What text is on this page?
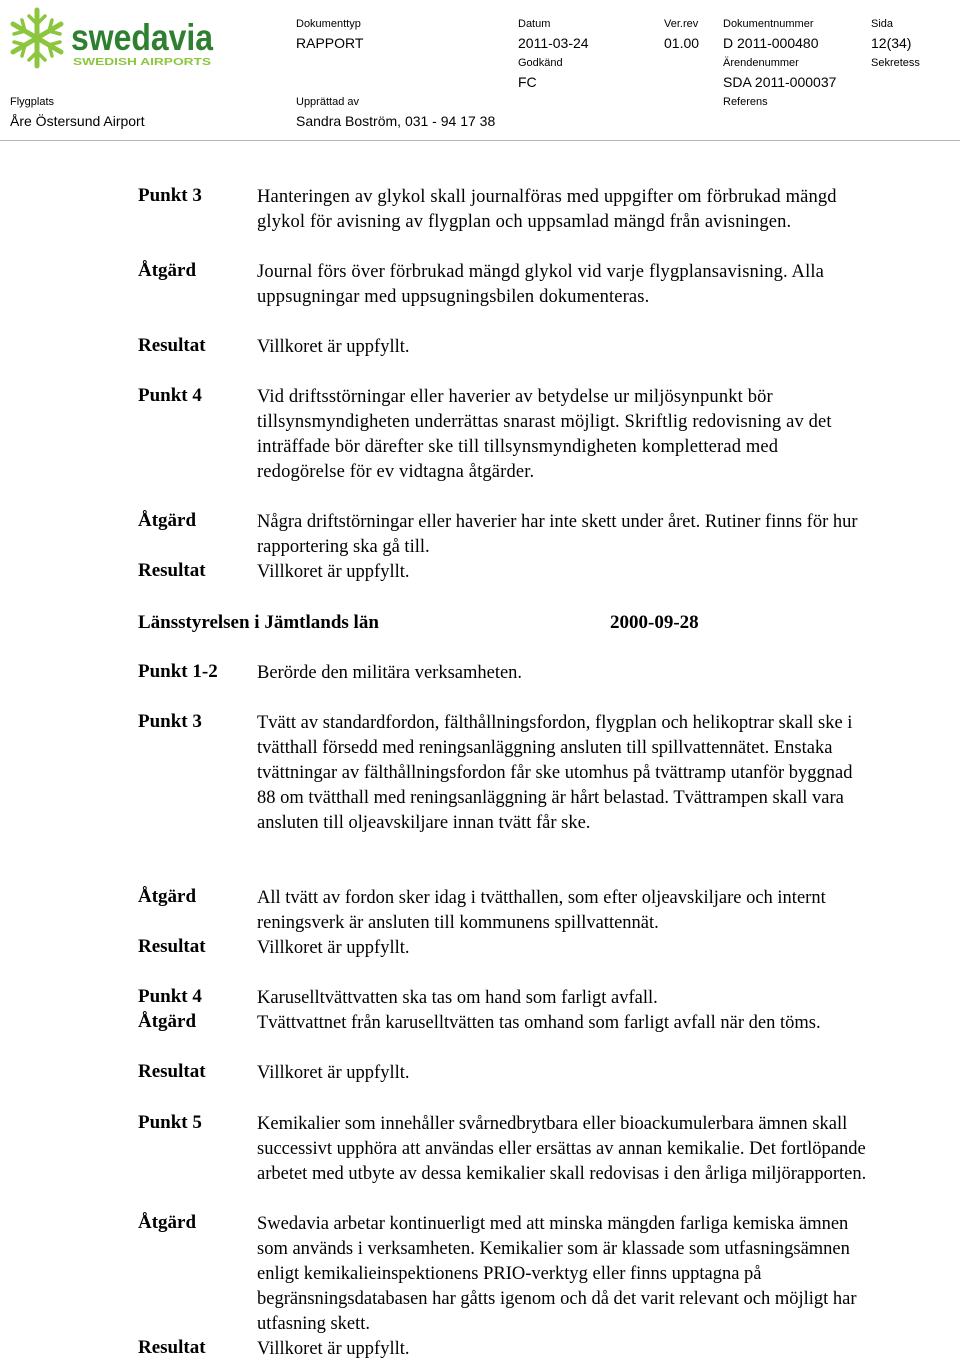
swedavia
SWEDISH AIRPORTS
Dokumenttyp
RAPPORT
Datum
2011-03-24
Ver.rev
01.00
Dokumentnummer
D 2011-000480
Sida
12(34)
Godkänd
FC
Ärendenummer
SDA 2011-000037
Sekretess
Flygplats
Åre Östersund Airport
Upprättad av
Sandra Boström, 031 - 94 17 38
Referens
Punkt 3	Hanteringen av glykol skall journalföras med uppgifter om förbrukad mängd glykol för avisning av flygplan och uppsamlad mängd från avisningen.
Åtgärd	Journal förs över förbrukad mängd glykol vid varje flygplansavisning. Alla uppsugningar med uppsugningsbilen dokumenteras.
Resultat	Villkoret är uppfyllt.
Punkt 4	Vid driftsstörningar eller haverier av betydelse ur miljösynpunkt bör tillsynsmyndigheten underrättas snarast möjligt. Skriftlig redovisning av det inträffade bör därefter ske till tillsynsmyndigheten kompletterad med redogörelse för ev vidtagna åtgärder.
Åtgärd	Några driftstörningar eller haverier har inte skett under året. Rutiner finns för hur rapportering ska gå till.
Resultat	Villkoret är uppfyllt.
Länsstyrelsen i Jämtlands län	2000-09-28
Punkt 1-2 Berörde den militära verksamheten.
Punkt 3	Tvätt av standardfordon, fälthållningsfordon, flygplan och helikoptrar skall ske i tvätthall försedd med reningsanläggning ansluten till spillvattennätet. Enstaka tvättningar av fälthållningsfordon får ske utomhus på tvättramp utanför byggnad 88 om tvätthall med reningsanläggning är hårt belastad. Tvättrampen skall vara ansluten till oljeavskiljare innan tvätt får ske.
Åtgärd	All tvätt av fordon sker idag i tvätthallen, som efter oljeavskiljare och internt reningsverk är ansluten till kommunens spillvattennät.
Resultat	Villkoret är uppfyllt.
Punkt 4	Karuselltvättvatten ska tas om hand som farligt avfall.
Åtgärd	Tvättvattnet från karuselltvätten tas omhand som farligt avfall när den töms.
Resultat	Villkoret är uppfyllt.
Punkt 5	Kemikalier som innehåller svårnedbrytbara eller bioackumulerbara ämnen skall successivt upphöra att användas eller ersättas av annan kemikalie. Det fortlöpande arbetet med utbyte av dessa kemikalier skall redovisas i den årliga miljörapporten.
Åtgärd	Swedavia arbetar kontinuerligt med att minska mängden farliga kemiska ämnen som används i verksamheten. Kemikalier som är klassade som utfasningsämnen enligt kemikalieinspektionens PRIO-verktyg eller finns upptagna på begränsningsdatabasen har gåtts igenom och då det varit relevant och möjligt har utfasning skett.
Resultat	Villkoret är uppfyllt.
